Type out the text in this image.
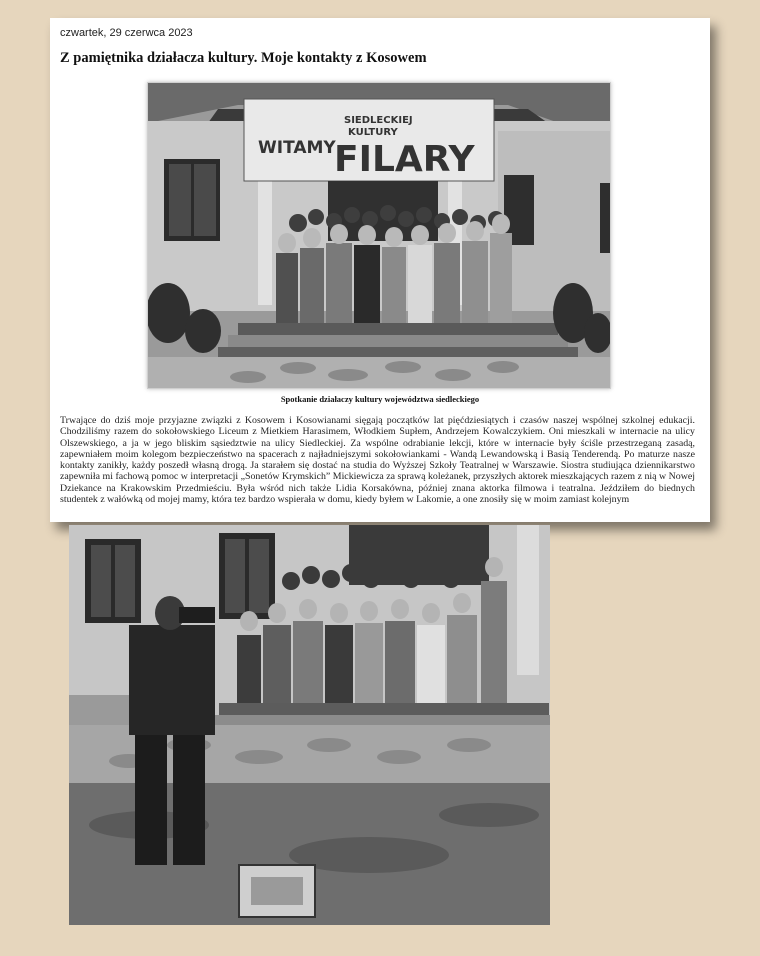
czwartek, 29 czerwca 2023
Z pamiętnika działacza kultury. Moje kontakty z Kosowem
WITAMY
SIEDLECKIEJ
KULTURY
FILARY
Spotkanie działaczy kultury województwa siedleckiego

Trwające do dziś moje przyjazne związki z Kosowem i Kosowianami sięgają początków lat pięćdziesiątych i czasów naszej wspólnej szkolnej edukacji. Chodziliśmy razem do sokołowskiego Liceum z Mietkiem Harasimem, Włodkiem Supłem, Andrzejem Kowalczykiem. Oni mieszkali w internacie na ulicy Olszewskiego, a ja w jego bliskim sąsiedztwie na ulicy Siedleckiej. Za wspólne odrabianie lekcji, które w internacie były ściśle przestrzeganą zasadą, zapewniałem moim kolegom bezpieczeństwo na spacerach z najładniejszymi sokołowiankami - Wandą Lewandowską i Basią Tenderendą. Po maturze nasze kontakty zanikły, każdy poszedł własną drogą. Ja starałem się dostać na studia do Wyższej Szkoły Teatralnej w Warszawie. Siostra studiująca dziennikarstwo zapewniła mi fachową pomoc w interpretacji „Sonetów Krymskich” Mickiewicza za sprawą koleżanek, przyszłych aktorek mieszkających razem z nią w Nowej Dziekance na Krakowskim Przedmieściu. Była wśród nich także Lidia Korsakówna, później znana aktorka filmowa i teatralna. Jeździłem do biednych studentek z wałówką od mojej mamy, która tez bardzo wspierała w domu, kiedy byłem w Lakomie, a one znosiły się w moim zamiast kolejnym
